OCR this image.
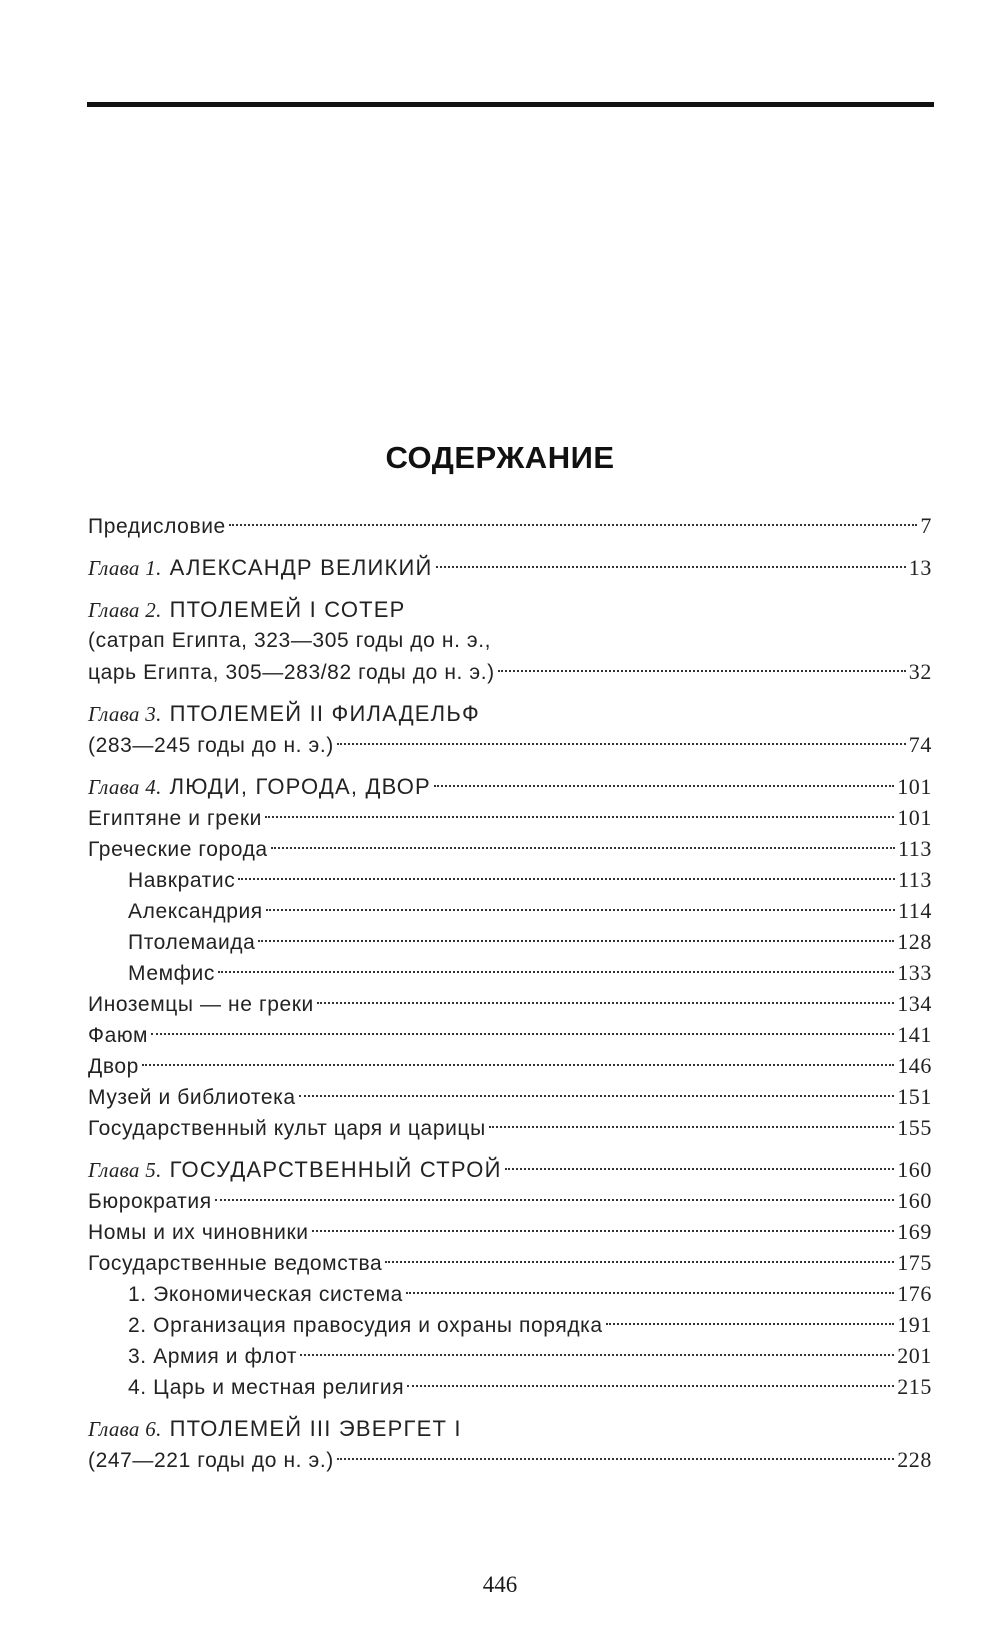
СОДЕРЖАНИЕ
Предисловие	7
Глава 1. АЛЕКСАНДР ВЕЛИКИЙ	13
Глава 2. ПТОЛЕМЕЙ I СОТЕР
(сатрап Египта, 323—305 годы до н. э.,
царь Египта, 305—283/82 годы до н. э.)	32
Глава 3. ПТОЛЕМЕЙ II ФИЛАДЕЛЬФ
(283—245 годы до н. э.)	74
Глава 4. ЛЮДИ, ГОРОДА, ДВОР	101
Египтяне и греки	101
Греческие города	113
Навкратис	113
Александрия	114
Птолемаида	128
Мемфис	133
Иноземцы — не греки	134
Фаюм	141
Двор	146
Музей и библиотека	151
Государственный культ царя и царицы	155
Глава 5. ГОСУДАРСТВЕННЫЙ СТРОЙ	160
Бюрократия	160
Номы и их чиновники	169
Государственные ведомства	175
1. Экономическая система	176
2. Организация правосудия и охраны порядка	191
3. Армия и флот	201
4. Царь и местная религия	215
Глава 6. ПТОЛЕМЕЙ III ЭВЕРГЕТ I
(247—221 годы до н. э.)	228
446
